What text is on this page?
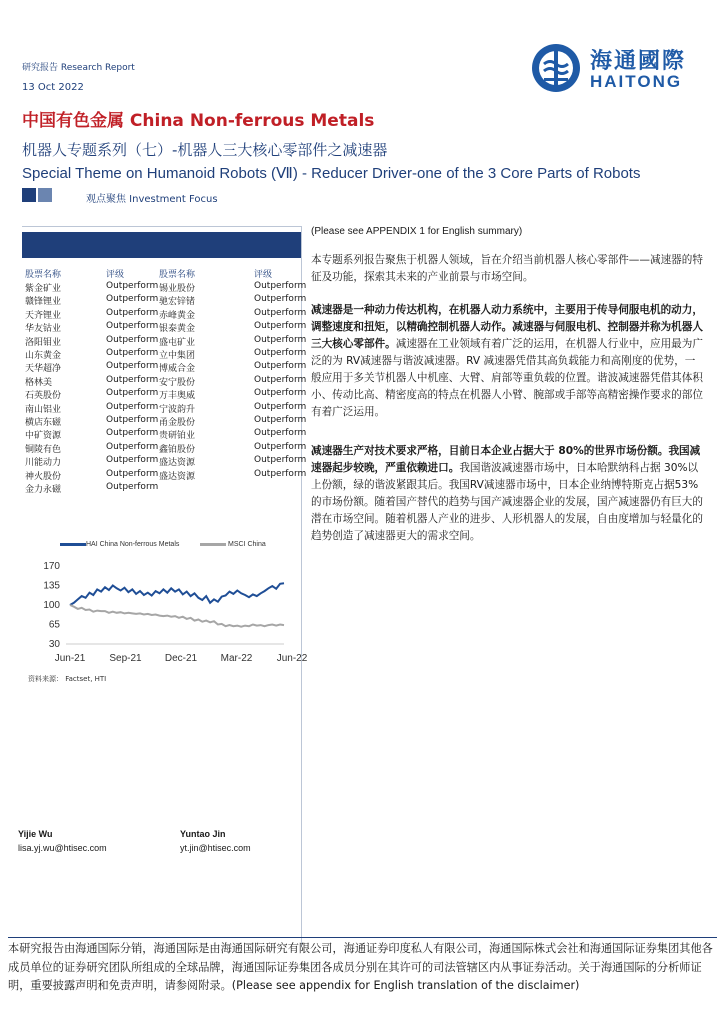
研究报告 Research Report
13 Oct 2022
海通國際
HAITONG
中国有色金属 China Non-ferrous Metals
机器人专题系列（七）-机器人三大核心零部件之减速器
Special Theme on Humanoid Robots (Ⅶ) - Reducer Driver-one of the 3 Core Parts of Robots
观点聚焦 Investment Focus
股票名称	评级	股票名称	评级
紫金矿业	Outperform 锡业股份	Outperform
赣锋锂业	Outperform 驰宏锌锗	Outperform
天齐锂业	Outperform 赤峰黄金	Outperform
华友钴业	Outperform 银泰黄金	Outperform
洛阳钼业	Outperform 盛屯矿业	Outperform
山东黄金	Outperform 立中集团	Outperform
天华超净	Outperform 博威合金	Outperform
格林美	Outperform 安宁股份	Outperform
石英股份	Outperform 万丰奥威	Outperform
南山铝业	Outperform 宁波韵升	Outperform
横店东磁	Outperform 甬金股份	Outperform
中矿资源	Outperform 贵研铂业	Outperform
铜陵有色	Outperform 鑫铂股份	Outperform
川能动力	Outperform 盛达资源	Outperform
神火股份	Outperform 盛达资源	Outperform
金力永磁	Outperform
HAI China Non-ferrous Metals	MSCI China
170
135
100
65
30
Jun-21 Sep-21 Dec-21 Mar-22 Jun-22
资料来源： Factset, HTI
(Please see APPENDIX 1 for English summary)
本专题系列报告聚焦于机器人领域，旨在介绍当前机器人核心零部件——减速器的特征及功能，探索其未来的产业前景与市场空间。
减速器是一种动力传达机构，在机器人动力系统中，主要用于传导伺服电机的动力，调整速度和扭矩，以精确控制机器人动作。减速器与伺服电机、控制器并称为机器人三大核心零部件。减速器在工业领域有着广泛的运用，在机器人行业中，应用最为广泛的为 RV减速器与谐波减速器。RV 减速器凭借其高负载能力和高刚度的优势，一般应用于多关节机器人中机座、大臂、肩部等重负载的位置。谐波减速器凭借其体积小、传动比高、精密度高的特点在机器人小臂、腕部或手部等高精密操作要求的部位有着广泛运用。
减速器生产对技术要求严格，目前日本企业占据大于 80%的世界市场份额。我国减速器起步较晚，严重依赖进口。我国谐波减速器市场中，日本哈默纳科占据 30%以上份额，绿的谐波紧跟其后。我国RV减速器市场中，日本企业纳博特斯克占据53%的市场份额。随着国产替代的趋势与国产减速器企业的发展，国产减速器仍有巨大的潜在市场空间。随着机器人产业的进步、人形机器人的发展，自由度增加与轻量化的趋势创造了减速器更大的需求空间。
Yijie Wu
lisa.yj.wu@htisec.com
Yuntao Jin
yt.jin@htisec.com
本研究报告由海通国际分销，海通国际是由海通国际研究有限公司，海通证券印度私人有限公司，海通国际株式会社和海通国际证券集团其他各成员单位的证券研究团队所组成的全球品牌，海通国际证券集团各成员分别在其许可的司法管辖区内从事证券活动。关于海通国际的分析师证明，重要披露声明和免责声明，请参阅附录。(Please see appendix for English translation of the disclaimer)
